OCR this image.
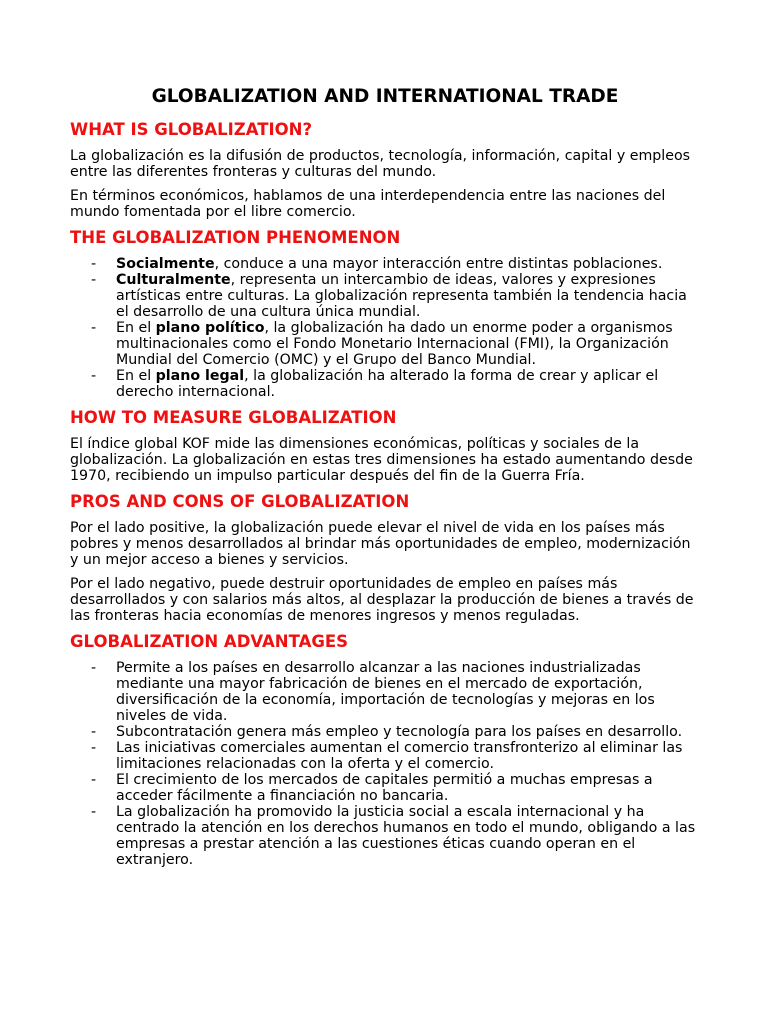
GLOBALIZATION AND INTERNATIONAL TRADE
WHAT IS GLOBALIZATION?

La globalización es la difusión de productos, tecnología, información, capital y empleos entre las diferentes fronteras y culturas del mundo.

En términos económicos, hablamos de una interdependencia entre las naciones del mundo fomentada por el libre comercio.

THE GLOBALIZATION PHENOMENON
- Socialmente, conduce a una mayor interacción entre distintas poblaciones.
- Culturalmente, representa un intercambio de ideas, valores y expresiones artísticas entre culturas. La globalización representa también la tendencia hacia el desarrollo de una cultura única mundial.
- En el plano político, la globalización ha dado un enorme poder a organismos multinacionales como el Fondo Monetario Internacional (FMI), la Organización Mundial del Comercio (OMC) y el Grupo del Banco Mundial.
- En el plano legal, la globalización ha alterado la forma de crear y aplicar el derecho internacional.
HOW TO MEASURE GLOBALIZATION

El índice global KOF mide las dimensiones económicas, políticas y sociales de la globalización. La globalización en estas tres dimensiones ha estado aumentando desde 1970, recibiendo un impulso particular después del fin de la Guerra Fría.

PROS AND CONS OF GLOBALIZATION

Por el lado positive, la globalización puede elevar el nivel de vida en los países más pobres y menos desarrollados al brindar más oportunidades de empleo, modernización y un mejor acceso a bienes y servicios.

Por el lado negativo, puede destruir oportunidades de empleo en países más desarrollados y con salarios más altos, al desplazar la producción de bienes a través de las fronteras hacia economías de menores ingresos y menos reguladas.

GLOBALIZATION ADVANTAGES
- Permite a los países en desarrollo alcanzar a las naciones industrializadas mediante una mayor fabricación de bienes en el mercado de exportación, diversificación de la economía, importación de tecnologías y mejoras en los niveles de vida.
- Subcontratación genera más empleo y tecnología para los países en desarrollo.
- Las iniciativas comerciales aumentan el comercio transfronterizo al eliminar las limitaciones relacionadas con la oferta y el comercio.
- El crecimiento de los mercados de capitales permitió a muchas empresas a acceder fácilmente a financiación no bancaria.
- La globalización ha promovido la justicia social a escala internacional y ha centrado la atención en los derechos humanos en todo el mundo, obligando a las empresas a prestar atención a las cuestiones éticas cuando operan en el extranjero.
